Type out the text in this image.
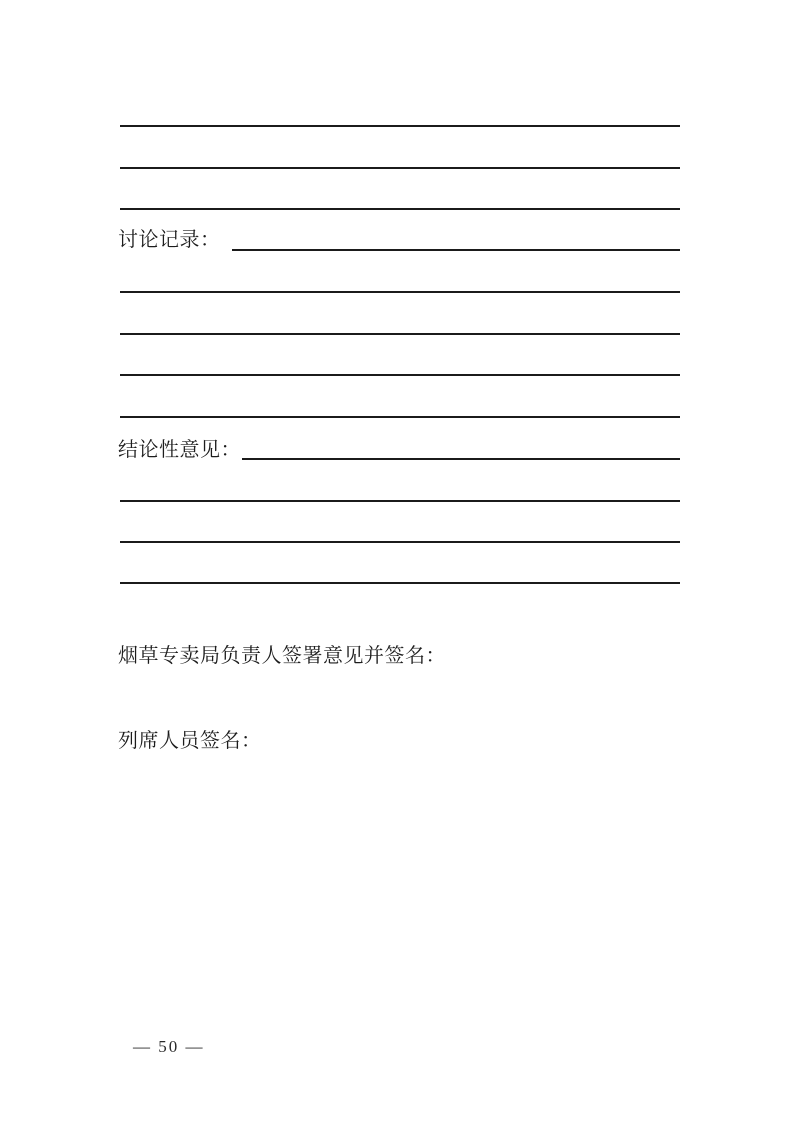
讨论记录：
结论性意见：
烟草专卖局负责人签署意见并签名：
列席人员签名：
— 50 —
